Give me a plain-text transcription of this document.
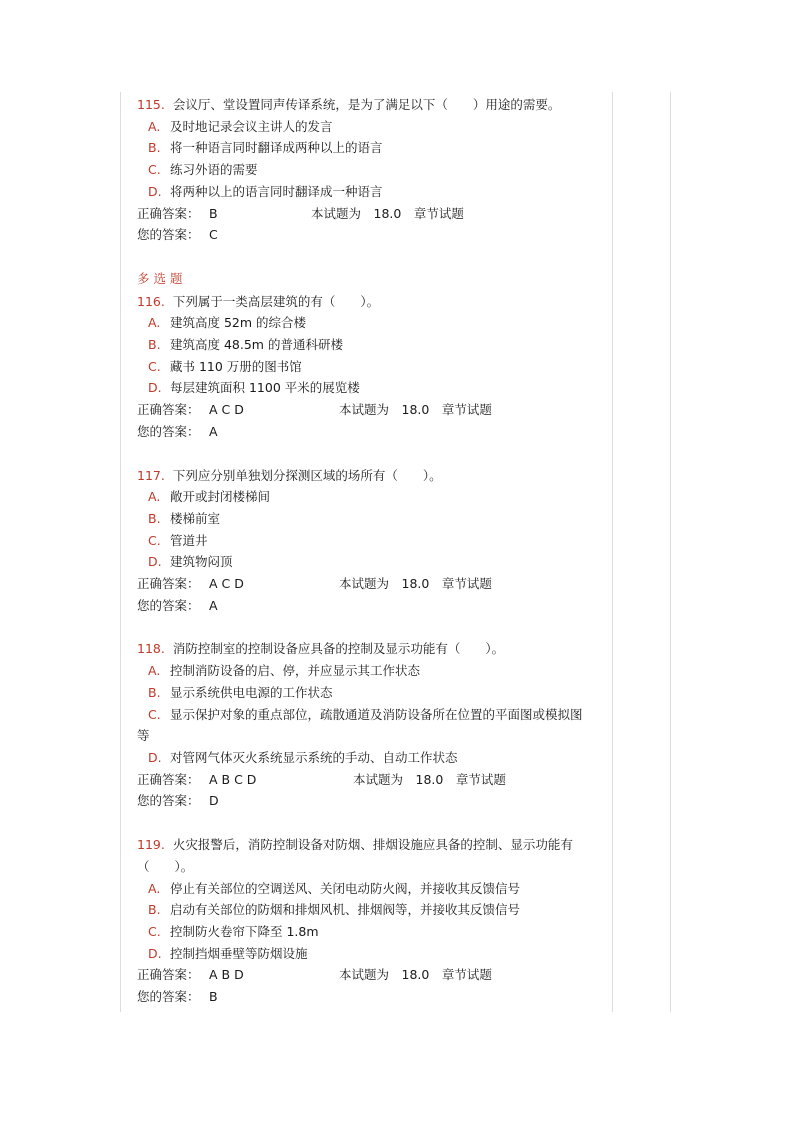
115. 会议厅、堂设置同声传译系统，是为了满足以下（　　）用途的需要。
A. 及时地记录会议主讲人的发言
B. 将一种语言同时翻译成两种以上的语言
C. 练习外语的需要
D. 将两种以上的语言同时翻译成一种语言
正确答案： B	本试题为　18.0　章节试题
您的答案： C
多选题
116. 下列属于一类高层建筑的有（　　）。
A. 建筑高度 52m 的综合楼
B. 建筑高度 48.5m 的普通科研楼
C. 藏书 110 万册的图书馆
D. 每层建筑面积 1100 平米的展览楼
正确答案： A C D	本试题为　18.0　章节试题
您的答案： A
117. 下列应分别单独划分探测区域的场所有（　　）。
A. 敞开或封闭楼梯间
B. 楼梯前室
C. 管道井
D. 建筑物闷顶
正确答案： A C D	本试题为　18.0　章节试题
您的答案： A
118. 消防控制室的控制设备应具备的控制及显示功能有（　　）。
A. 控制消防设备的启、停，并应显示其工作状态
B. 显示系统供电电源的工作状态
C. 显示保护对象的重点部位，疏散通道及消防设备所在位置的平面图或模拟图
等
D. 对管网气体灭火系统显示系统的手动、自动工作状态
正确答案： A B C D	本试题为　18.0　章节试题
您的答案： D
119. 火灾报警后，消防控制设备对防烟、排烟设施应具备的控制、显示功能有
（　　）。
A. 停止有关部位的空调送风、关闭电动防火阀，并接收其反馈信号
B. 启动有关部位的防烟和排烟风机、排烟阀等，并接收其反馈信号
C. 控制防火卷帘下降至 1.8m
D. 控制挡烟垂壁等防烟设施
正确答案： A B D	本试题为　18.0　章节试题
您的答案： B
